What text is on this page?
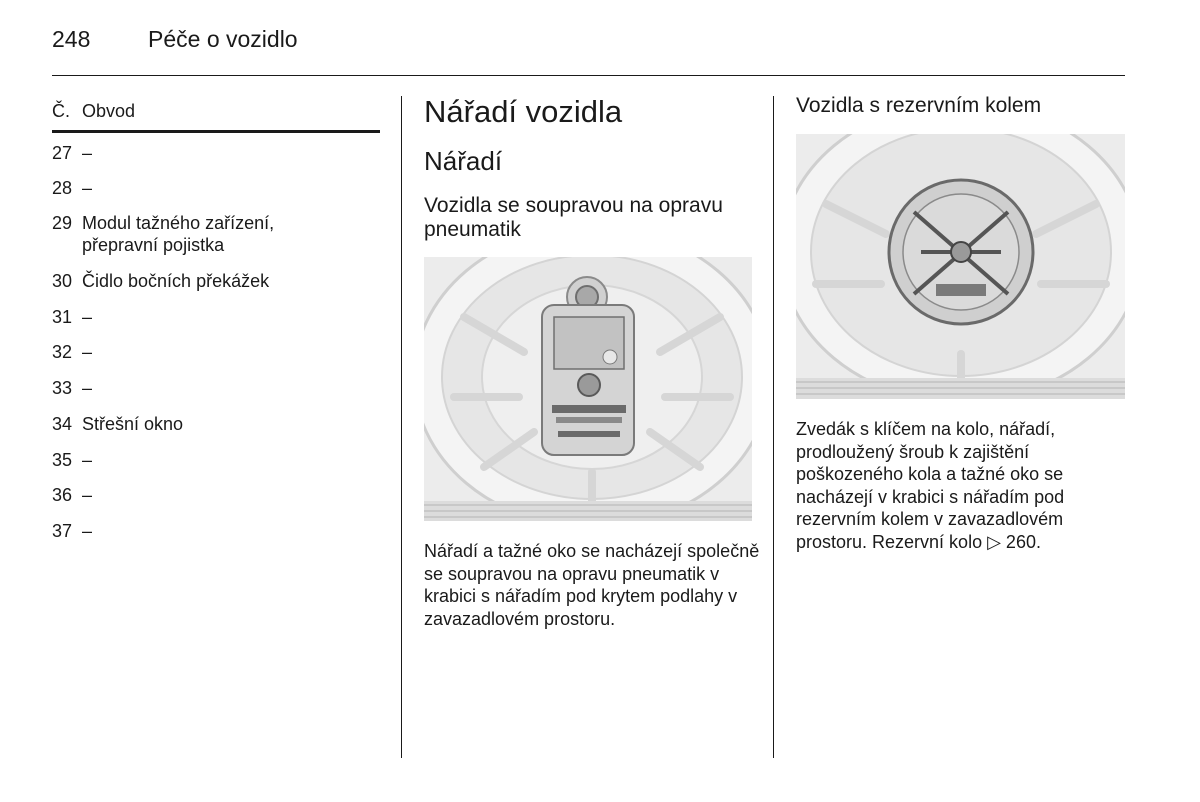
248	Péče o vozidlo
Č. Obvod
27 –
28 –
29 Modul tažného zařízení,
přepravní pojistka
30 Čidlo bočních překážek
31 –
32 –
33 –
34 Střešní okno
35 –
36 –
37 –
Nářadí vozidla
Nářadí
Vozidla se soupravou na opravu pneumatik
Nářadí a tažné oko se nacházejí společně se soupravou na opravu pneumatik v krabici s nářadím pod krytem podlahy v zavazadlovém prostoru.
Vozidla s rezervním kolem
Zvedák s klíčem na kolo, nářadí, prodloužený šroub k zajištění poškozeného kola a tažné oko se nacházejí v krabici s nářadím pod rezervním kolem v zavazadlovém prostoru. Rezervní kolo ▷ 260.
